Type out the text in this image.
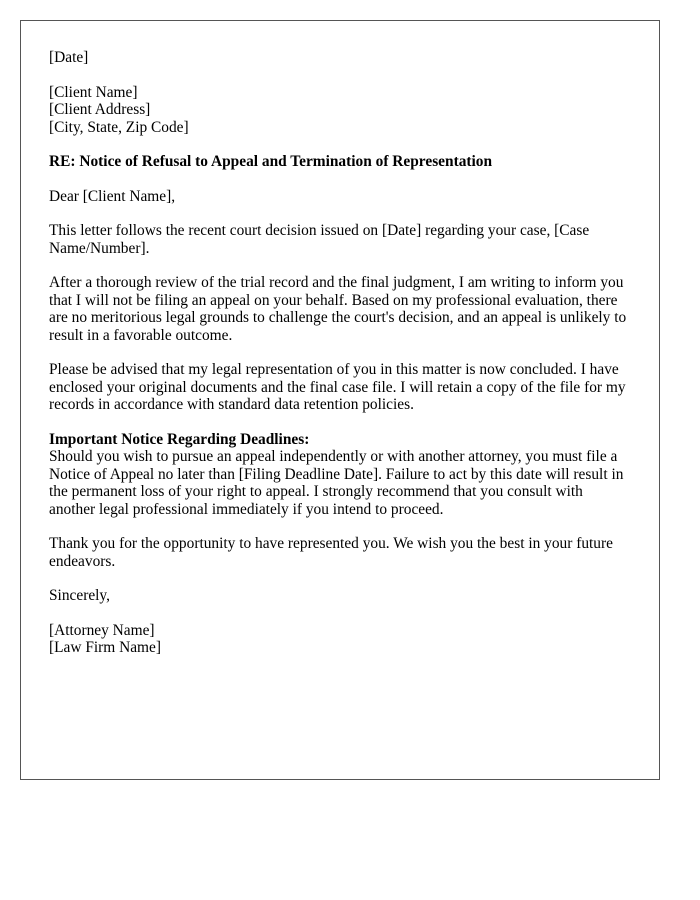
[Date]
[Client Name]
[Client Address]
[City, State, Zip Code]

RE: Notice of Refusal to Appeal and Termination of Representation

Dear [Client Name],

This letter follows the recent court decision issued on [Date] regarding your case, [Case Name/Number].

After a thorough review of the trial record and the final judgment, I am writing to inform you that I will not be filing an appeal on your behalf. Based on my professional evaluation, there are no meritorious legal grounds to challenge the court's decision, and an appeal is unlikely to result in a favorable outcome.

Please be advised that my legal representation of you in this matter is now concluded. I have enclosed your original documents and the final case file. I will retain a copy of the file for my records in accordance with standard data retention policies.

Important Notice Regarding Deadlines:
Should you wish to pursue an appeal independently or with another attorney, you must file a Notice of Appeal no later than [Filing Deadline Date]. Failure to act by this date will result in the permanent loss of your right to appeal. I strongly recommend that you consult with another legal professional immediately if you intend to proceed.

Thank you for the opportunity to have represented you. We wish you the best in your future endeavors.

Sincerely,

[Attorney Name]
[Law Firm Name]
